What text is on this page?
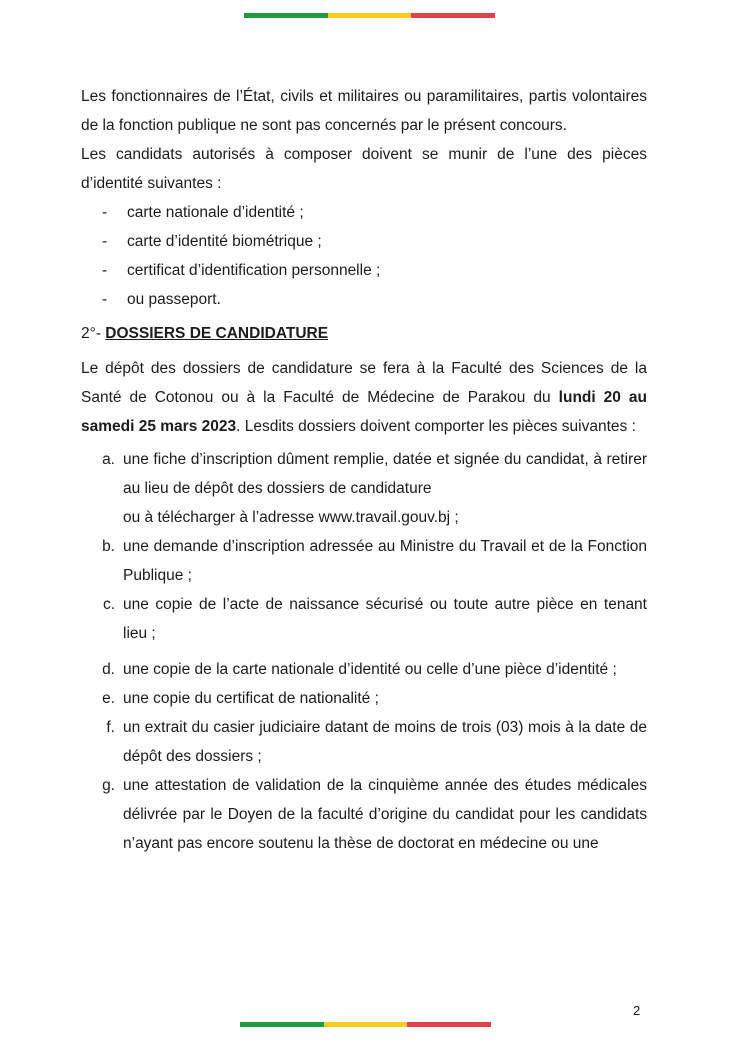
Les fonctionnaires de l’État, civils et militaires ou paramilitaires, partis volontaires de la fonction publique ne sont pas concernés par le présent concours.

Les candidats autorisés à composer doivent se munir de l’une des pièces d’identité suivantes :

-	carte nationale d’identité ;
-	carte d’identité biométrique ;
-	certificat d’identification personnelle ;
-	ou passeport.
2°- DOSSIERS DE CANDIDATURE

Le dépôt des dossiers de candidature se fera à la Faculté des Sciences de la Santé de Cotonou ou à la Faculté de Médecine de Parakou du lundi 20 au samedi 25 mars 2023. Lesdits dossiers doivent comporter les pièces suivantes :

a. une fiche d’inscription dûment remplie, datée et signée du candidat, à retirer au lieu de dépôt des dossiers de candidature
ou à télécharger à l’adresse www.travail.gouv.bj ;
b. une demande d’inscription adressée au Ministre du Travail et de la Fonction Publique ;
c. une copie de l’acte de naissance sécurisé ou toute autre pièce en tenant lieu ;
d. une copie de la carte nationale d’identité ou celle d’une pièce d’identité ;
e. une copie du certificat de nationalité ;
f. un extrait du casier judiciaire datant de moins de trois (03) mois à la date de dépôt des dossiers ;
g. une attestation de validation de la cinquième année des études médicales délivrée par le Doyen de la faculté d’origine du candidat pour les candidats n’ayant pas encore soutenu la thèse de doctorat en médecine ou une
2
